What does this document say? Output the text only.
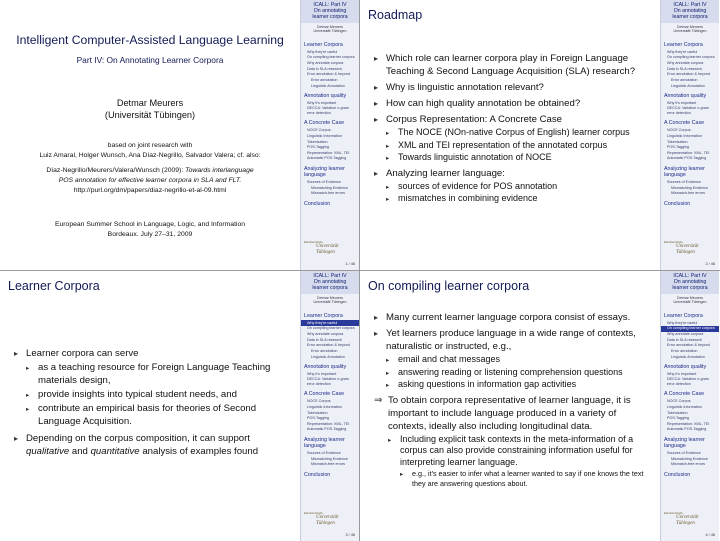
Intelligent Computer-Assisted Language Learning
Part IV: On Annotating Learner Corpora
Detmar Meurers
(Universität Tübingen)
based on joint research with
Luiz Amaral, Holger Wunsch, Ana Díaz-Negrillo, Salvador Valera; cf. also:
Díaz-Negrillo/Meurers/Valera/Wunsch (2009): Towards interlanguage
POS annotation for effective learner corpora in SLA and FLT.
http://purl.org/dm/papers/diaz-negrillo-et-al-09.html
European Summer School in Language, Logic, and Information
Bordeaux. July 27–31, 2009
ICALL: Part IV
On annotating
learner corpora
Detmar Meurers
Universität Tübingen
Learner Corpora
Why they're useful
On compiling learner corpora
Why annotate corpora
Data in SLA research
Error annotation & beyond
Error annotation
Linguistic Annotation
Annotation quality
Why it's important
DECCA: Variation n-gram error detection
A Concrete Case
NOCE Corpus
Linguistic Information
Tokenization
POS-Tagging
Representation: XML, TEI
Automatic POS-Tagging
Analyzing learner language
Sources of Evidence
Mismatching Evidence
Mismatch-free errors
Conclusion
Eberhard Karls
Universität
Tübingen
1 / 46
Roadmap
▸ Which role can learner corpora play in Foreign Language Teaching & Second Language Acquisition (SLA) research?
▸ Why is linguistic annotation relevant?
▸ How can high quality annotation be obtained?
▸ Corpus Representation: A Concrete Case
▸ The NOCE (NOn-native Corpus of English) learner corpus
▸ XML and TEI representation of the annotated corpus
▸ Towards linguistic annotation of NOCE
▸ Analyzing learner language:
▸ sources of evidence for POS annotation
▸ mismatches in combining evidence
ICALL: Part IV
On annotating
learner corpora
Detmar Meurers
Universität Tübingen
Learner Corpora
Why they're useful
On compiling learner corpora
Why annotate corpora
Data in SLA research
Error annotation & beyond
Error annotation
Linguistic Annotation
Annotation quality
Why it's important
DECCA: Variation n-gram error detection
A Concrete Case
NOCE Corpus
Linguistic Information
Tokenization
POS-Tagging
Representation: XML, TEI
Automatic POS-Tagging
Analyzing learner language
Sources of Evidence
Mismatching Evidence
Mismatch-free errors
Conclusion
Eberhard Karls
Universität
Tübingen
2 / 46
Learner Corpora
▸ Learner corpora can serve
▸ as a teaching resource for Foreign Language Teaching materials design,
▸ provide insights into typical student needs, and
▸ contribute an empirical basis for theories of Second Language Acquisition.
▸ Depending on the corpus composition, it can support qualitative and quantitative analysis of examples found
ICALL: Part IV
On annotating
learner corpora
Detmar Meurers
Universität Tübingen
Learner Corpora
Why they're useful
On compiling learner corpora
Why annotate corpora
Data in SLA research
Error annotation & beyond
Error annotation
Linguistic Annotation
Annotation quality
Why it's important
DECCA: Variation n-gram error detection
A Concrete Case
NOCE Corpus
Linguistic Information
Tokenization
POS-Tagging
Representation: XML, TEI
Automatic POS-Tagging
Analyzing learner language
Sources of Evidence
Mismatching Evidence
Mismatch-free errors
Conclusion
Eberhard Karls
Universität
Tübingen
3 / 46
On compiling learner corpora
▸ Many current learner language corpora consist of essays.
▸ Yet learners produce language in a wide range of contexts, naturalistic or instructed, e.g.,
▸ email and chat messages
▸ answering reading or listening comprehension questions
▸ asking questions in information gap activities
⇒ To obtain corpora representative of learner language, it is important to include language produced in a variety of contexts, ideally also including longitudinal data.
▸ Including explicit task contexts in the meta-information of a corpus can also provide constraining information useful for interpreting learner language.
▸ e.g., it's easier to infer what a learner wanted to say if one knows the text they are answering questions about.
ICALL: Part IV
On annotating
learner corpora
Detmar Meurers
Universität Tübingen
Learner Corpora
Why they're useful
On compiling learner corpora
Why annotate corpora
Data in SLA research
Error annotation & beyond
Error annotation
Linguistic Annotation
Annotation quality
Why it's important
DECCA: Variation n-gram error detection
A Concrete Case
NOCE Corpus
Linguistic Information
Tokenization
POS-Tagging
Representation: XML, TEI
Automatic POS-Tagging
Analyzing learner language
Sources of Evidence
Mismatching Evidence
Mismatch-free errors
Conclusion
Eberhard Karls
Universität
Tübingen
4 / 46
